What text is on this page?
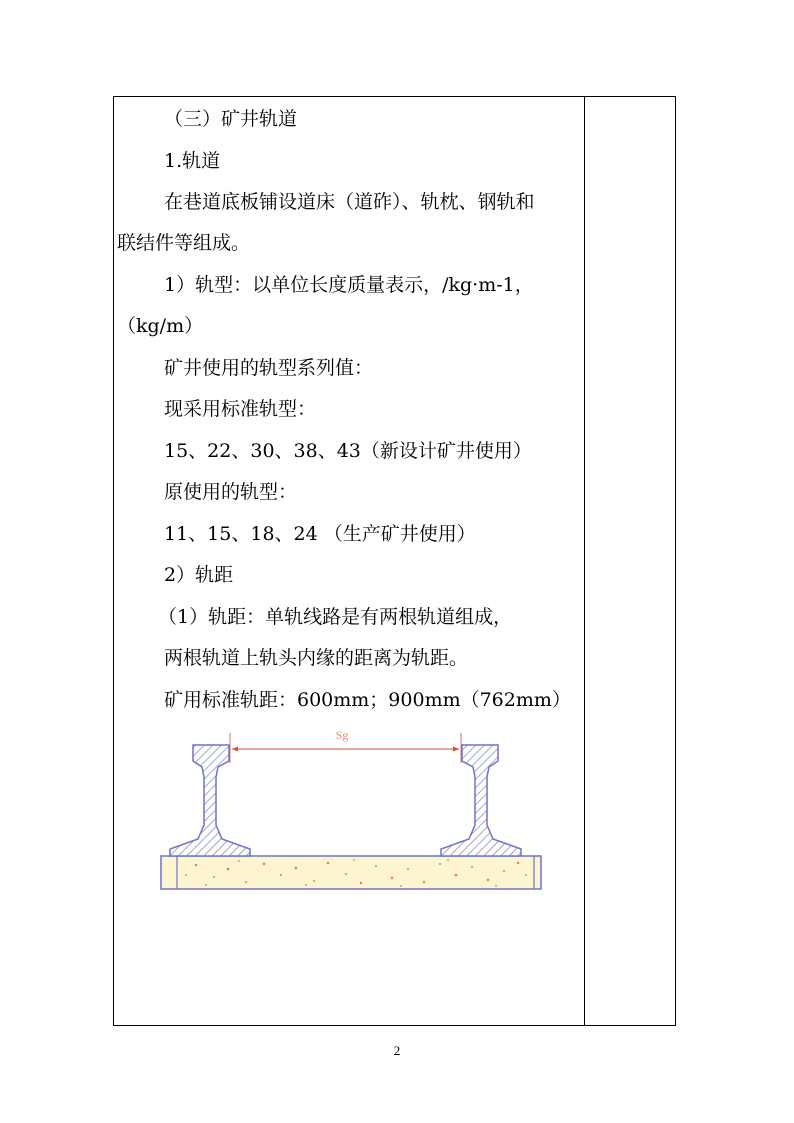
（三）矿井轨道
1.轨道
在巷道底板铺设道床（道砟）、轨枕、钢轨和
联结件等组成。
1）轨型：以单位长度质量表示，/kg·m-1，
（kg/m）
矿井使用的轨型系列值：
现采用标准轨型：
15、22、30、38、43（新设计矿井使用）
原使用的轨型：
11、15、18、24 （生产矿井使用）
2）轨距
（1）轨距：单轨线路是有两根轨道组成，
两根轨道上轨头内缘的距离为轨距。
矿用标准轨距：600mm；900mm（762mm）
Sg
2
